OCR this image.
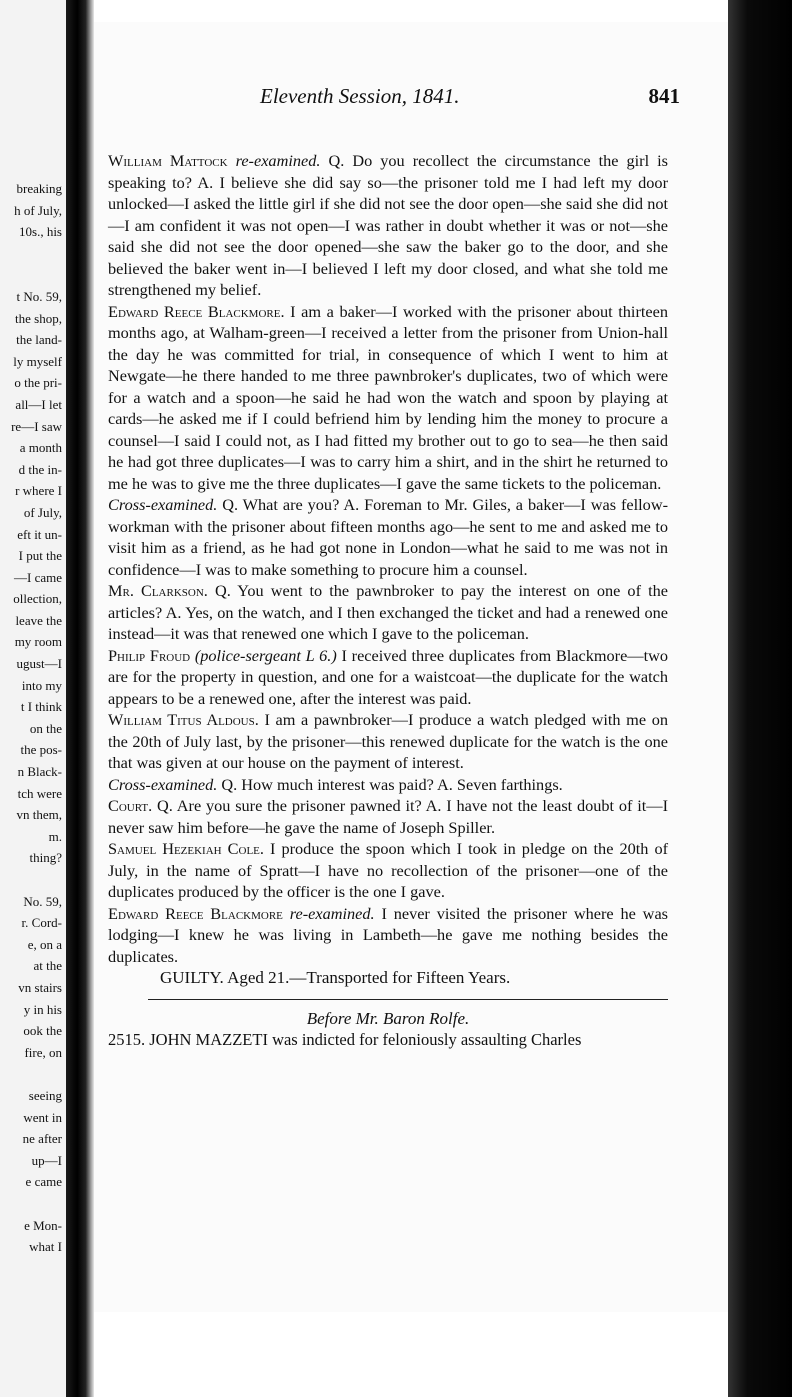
breaking
h of July,
10s., his
t No. 59,
the shop,
the land-
ly myself
o the pri-
all—I let
re—I saw
a month
d the in-
r where I
of July,
eft it un-
I put the
—I came
ollection,
leave the
my room
ugust—I
into my
t I think
on the
the pos-
n Black-
tch were
vn them,
m.
thing?
No. 59,
r. Cord-
e, on a
at the
vn stairs
y in his
ook the
fire, on
seeing
went in
ne after
up—I
e came
e Mon-
what I
Eleventh Session, 1841.	841

William Mattock re-examined. Q. Do you recollect the circumstance the girl is speaking to? A. I believe she did say so—the prisoner told me I had left my door unlocked—I asked the little girl if she did not see the door open—she said she did not—I am confident it was not open—I was rather in doubt whether it was or not—she said she did not see the door opened—she saw the baker go to the door, and she believed the baker went in—I believed I left my door closed, and what she told me strengthened my belief.

Edward Reece Blackmore. I am a baker—I worked with the prisoner about thirteen months ago, at Walham-green—I received a letter from the prisoner from Union-hall the day he was committed for trial, in consequence of which I went to him at Newgate—he there handed to me three pawnbroker's duplicates, two of which were for a watch and a spoon—he said he had won the watch and spoon by playing at cards—he asked me if I could befriend him by lending him the money to procure a counsel—I said I could not, as I had fitted my brother out to go to sea—he then said he had got three duplicates—I was to carry him a shirt, and in the shirt he returned to me he was to give me the three duplicates—I gave the same tickets to the policeman.

Cross-examined. Q. What are you? A. Foreman to Mr. Giles, a baker—I was fellow-workman with the prisoner about fifteen months ago—he sent to me and asked me to visit him as a friend, as he had got none in London—what he said to me was not in confidence—I was to make something to procure him a counsel.

Mr. Clarkson. Q. You went to the pawnbroker to pay the interest on one of the articles? A. Yes, on the watch, and I then exchanged the ticket and had a renewed one instead—it was that renewed one which I gave to the policeman.

Philip Froud (police-sergeant L 6.) I received three duplicates from Blackmore—two are for the property in question, and one for a waistcoat—the duplicate for the watch appears to be a renewed one, after the interest was paid.

William Titus Aldous. I am a pawnbroker—I produce a watch pledged with me on the 20th of July last, by the prisoner—this renewed duplicate for the watch is the one that was given at our house on the payment of interest.

Cross-examined. Q. How much interest was paid? A. Seven farthings.

Court. Q. Are you sure the prisoner pawned it? A. I have not the least doubt of it—I never saw him before—he gave the name of Joseph Spiller.

Samuel Hezekiah Cole. I produce the spoon which I took in pledge on the 20th of July, in the name of Spratt—I have no recollection of the prisoner—one of the duplicates produced by the officer is the one I gave.

Edward Reece Blackmore re-examined. I never visited the prisoner where he was lodging—I knew he was living in Lambeth—he gave me nothing besides the duplicates.

GUILTY. Aged 21.—Transported for Fifteen Years.

Before Mr. Baron Rolfe.

2515. JOHN MAZZETI was indicted for feloniously assaulting Charles
